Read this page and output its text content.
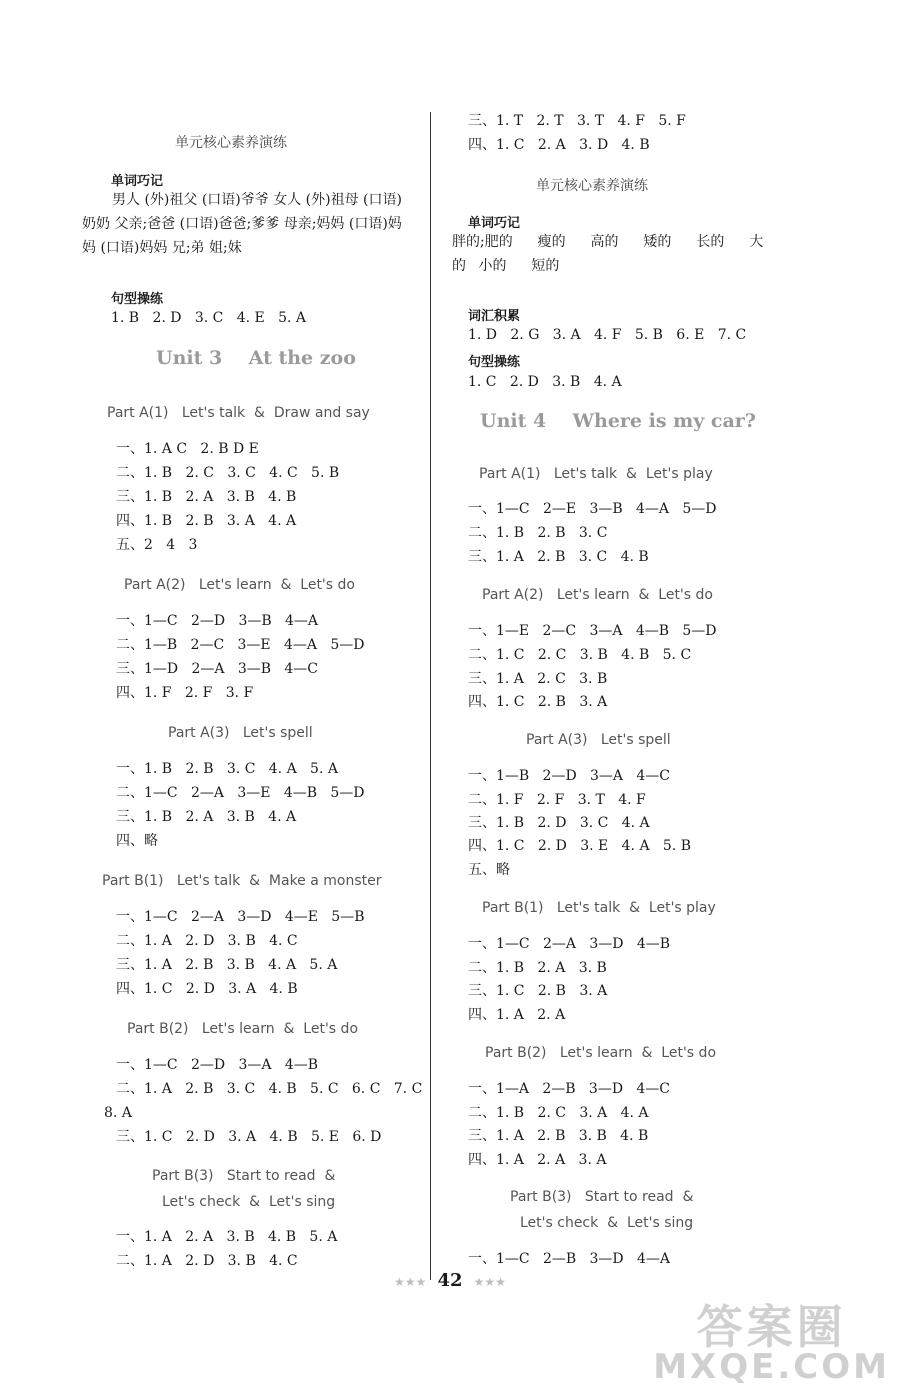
单元核心素养演练
单词巧记
男人 (外)祖父 (口语)爷爷 女人 (外)祖母 (口语)奶奶 父亲;爸爸 (口语)爸爸;爹爹 母亲;妈妈 (口语)妈妈 (口语)妈妈 兄;弟 姐;妹
句型操练
1. B   2. D   3. C   4. E   5. A
Unit 3    At the zoo
Part A(1)   Let's talk  &  Draw and say
一、1. A C   2. B D E
二、1. B   2. C   3. C   4. C   5. B
三、1. B   2. A   3. B   4. B
四、1. B   2. B   3. A   4. A
五、2   4   3
Part A(2)   Let's learn  &  Let's do
一、1—C   2—D   3—B   4—A
二、1—B   2—C   3—E   4—A   5—D
三、1—D   2—A   3—B   4—C
四、1. F   2. F   3. F
Part A(3)   Let's spell
一、1. B   2. B   3. C   4. A   5. A
二、1—C   2—A   3—E   4—B   5—D
三、1. B   2. A   3. B   4. A
四、略
Part B(1)   Let's talk  &  Make a monster
一、1—C   2—A   3—D   4—E   5—B
二、1. A   2. D   3. B   4. C
三、1. A   2. B   3. B   4. A   5. A
四、1. C   2. D   3. A   4. B
Part B(2)   Let's learn  &  Let's do
一、1—C   2—D   3—A   4—B
二、1. A   2. B   3. C   4. B   5. C   6. C   7. C
8. A
三、1. C   2. D   3. A   4. B   5. E   6. D
Part B(3)   Start to read  &
Let's check  &  Let's sing
一、1. A   2. A   3. B   4. B   5. A
二、1. A   2. D   3. B   4. C
三、1. T   2. T   3. T   4. F   5. F
四、1. C   2. A   3. D   4. B
单元核心素养演练
单词巧记
胖的;肥的  瘦的  高的  矮的  长的  大的 小的  短的
词汇积累
1. D   2. G   3. A   4. F   5. B   6. E   7. C
句型操练
1. C   2. D   3. B   4. A
Unit 4    Where is my car?
Part A(1)   Let's talk  &  Let's play
一、1—C   2—E   3—B   4—A   5—D
二、1. B   2. B   3. C
三、1. A   2. B   3. C   4. B
Part A(2)   Let's learn  &  Let's do
一、1—E   2—C   3—A   4—B   5—D
二、1. C   2. C   3. B   4. B   5. C
三、1. A   2. C   3. B
四、1. C   2. B   3. A
Part A(3)   Let's spell
一、1—B   2—D   3—A   4—C
二、1. F   2. F   3. T   4. F
三、1. B   2. D   3. C   4. A
四、1. C   2. D   3. E   4. A   5. B
五、略
Part B(1)   Let's talk  &  Let's play
一、1—C   2—A   3—D   4—B
二、1. B   2. A   3. B
三、1. C   2. B   3. A
四、1. A   2. A
Part B(2)   Let's learn  &  Let's do
一、1—A   2—B   3—D   4—C
二、1. B   2. C   3. A   4. A
三、1. A   2. B   3. B   4. B
四、1. A   2. A   3. A
Part B(3)   Start to read  &
Let's check  &  Let's sing
一、1—C   2—B   3—D   4—A
★★★ 42 ★★★
答案圈
MXQE.COM
